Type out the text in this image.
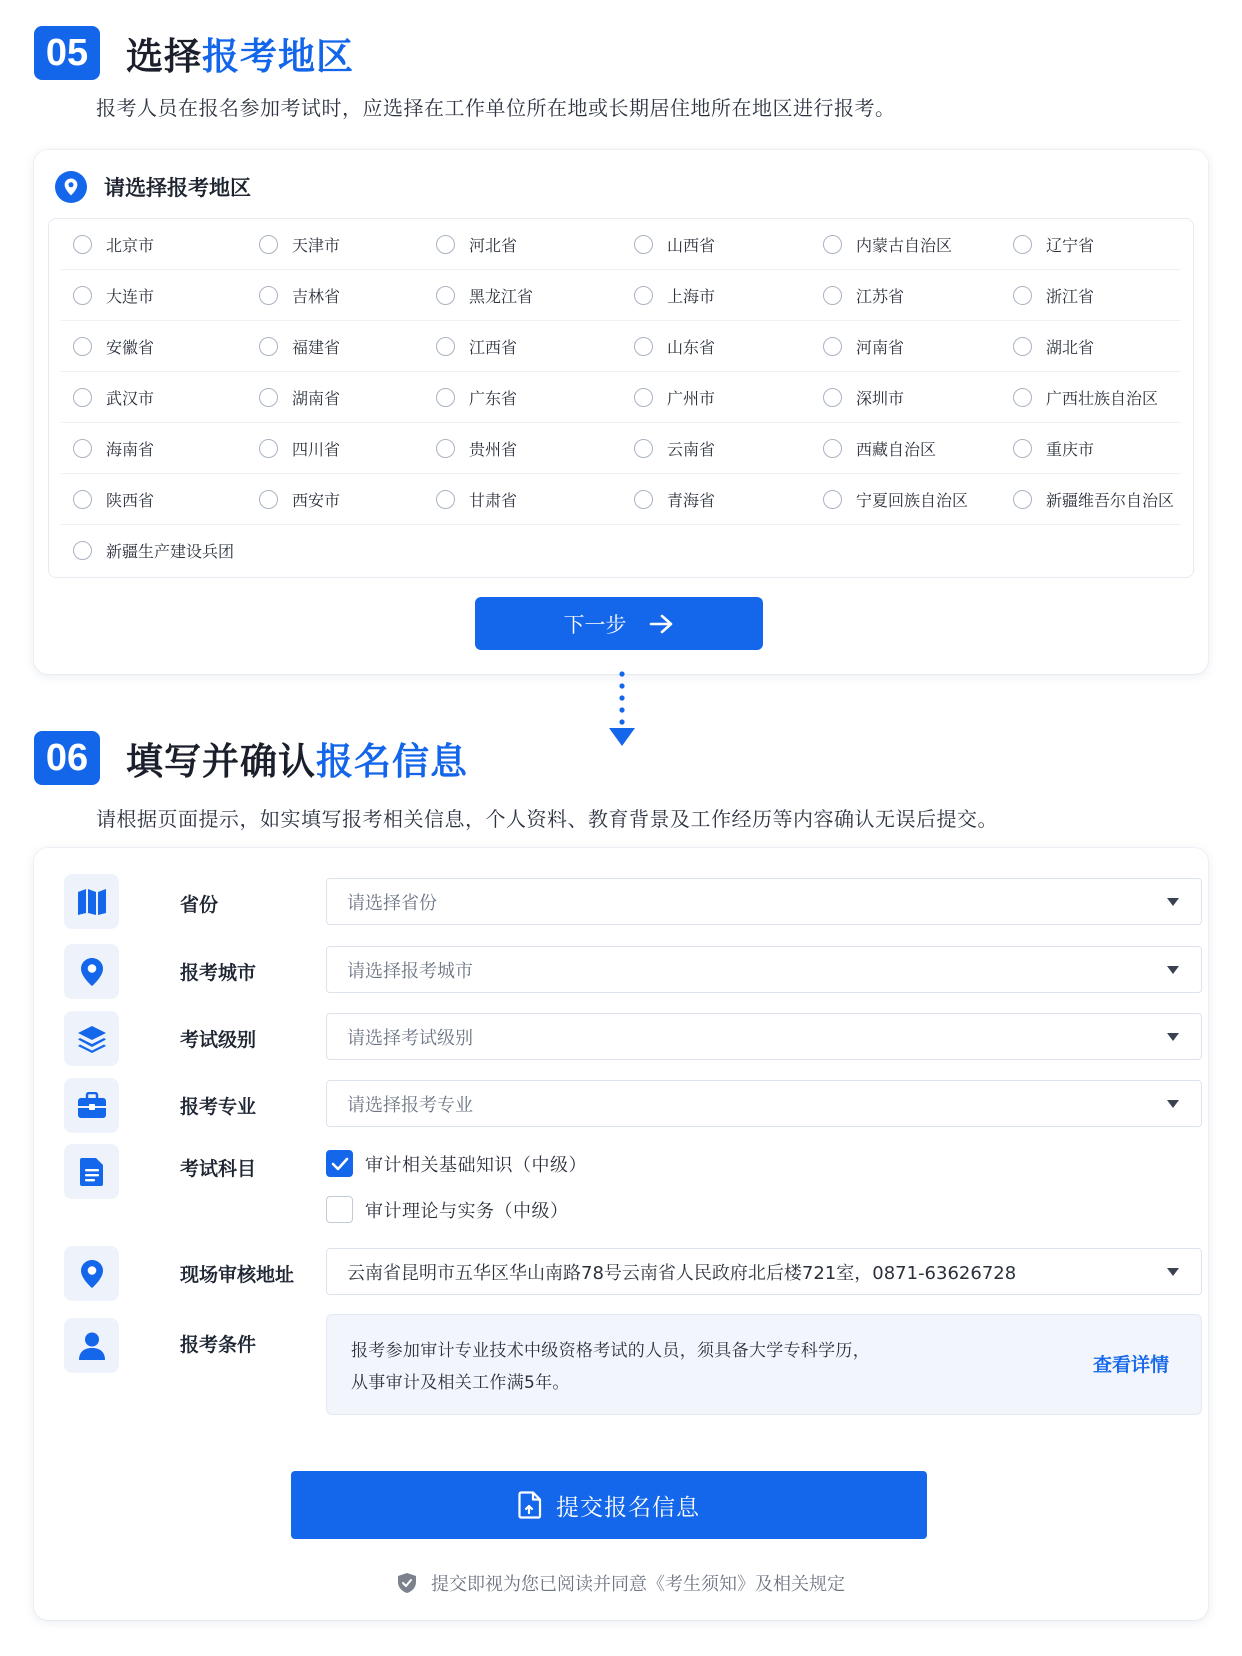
05	选择报考地区
报考人员在报名参加考试时，应选择在工作单位所在地或长期居住地所在地区进行报考。
请选择报考地区
北京市	天津市	河北省	山西省	内蒙古自治区	辽宁省
大连市	吉林省	黑龙江省	上海市	江苏省	浙江省
安徽省	福建省	江西省	山东省	河南省	湖北省
武汉市	湖南省	广东省	广州市	深圳市	广西壮族自治区
海南省	四川省	贵州省	云南省	西藏自治区	重庆市
陕西省	西安市	甘肃省	青海省	宁夏回族自治区	新疆维吾尔自治区
新疆生产建设兵团
下一步
06	填写并确认报名信息
请根据页面提示，如实填写报考相关信息，个人资料、教育背景及工作经历等内容确认无误后提交。
省份	请选择省份
报考城市	请选择报考城市
考试级别	请选择考试级别
报考专业	请选择报考专业
考试科目	审计相关基础知识（中级）
审计理论与实务（中级）
现场审核地址	云南省昆明市五华区华山南路78号云南省人民政府北后楼721室，0871-63626728
报考条件	报考参加审计专业技术中级资格考试的人员，须具备大学专科学历，
从事审计及相关工作满5年。
查看详情
提交报名信息
提交即视为您已阅读并同意《考生须知》及相关规定
